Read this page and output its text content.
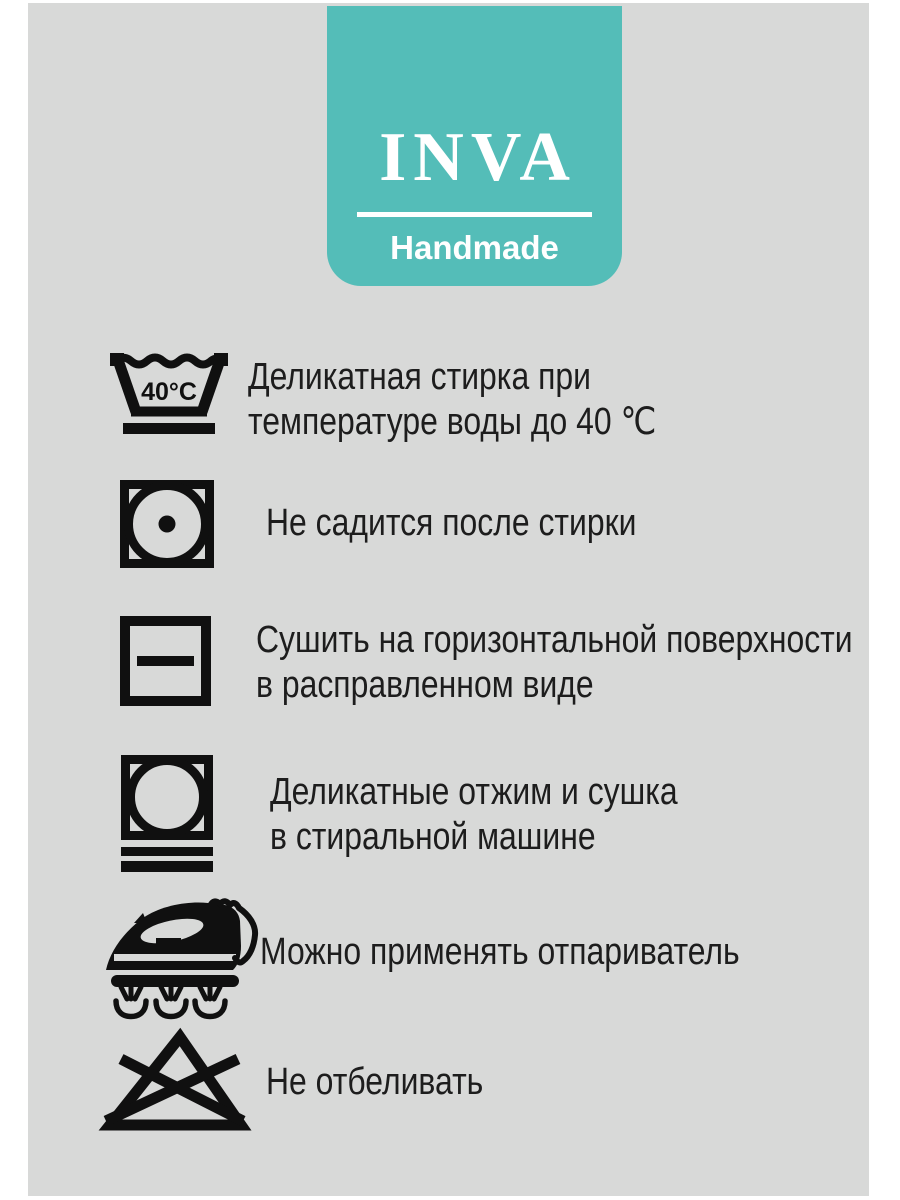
INVA
Handmade
40°C Деликатная стирка при
температуре воды до 40 ℃
Не садится после стирки
Сушить на горизонтальной поверхности
в расправленном виде
Деликатные отжим и сушка
в стиральной машине
Можно применять отпариватель
Не отбеливать
